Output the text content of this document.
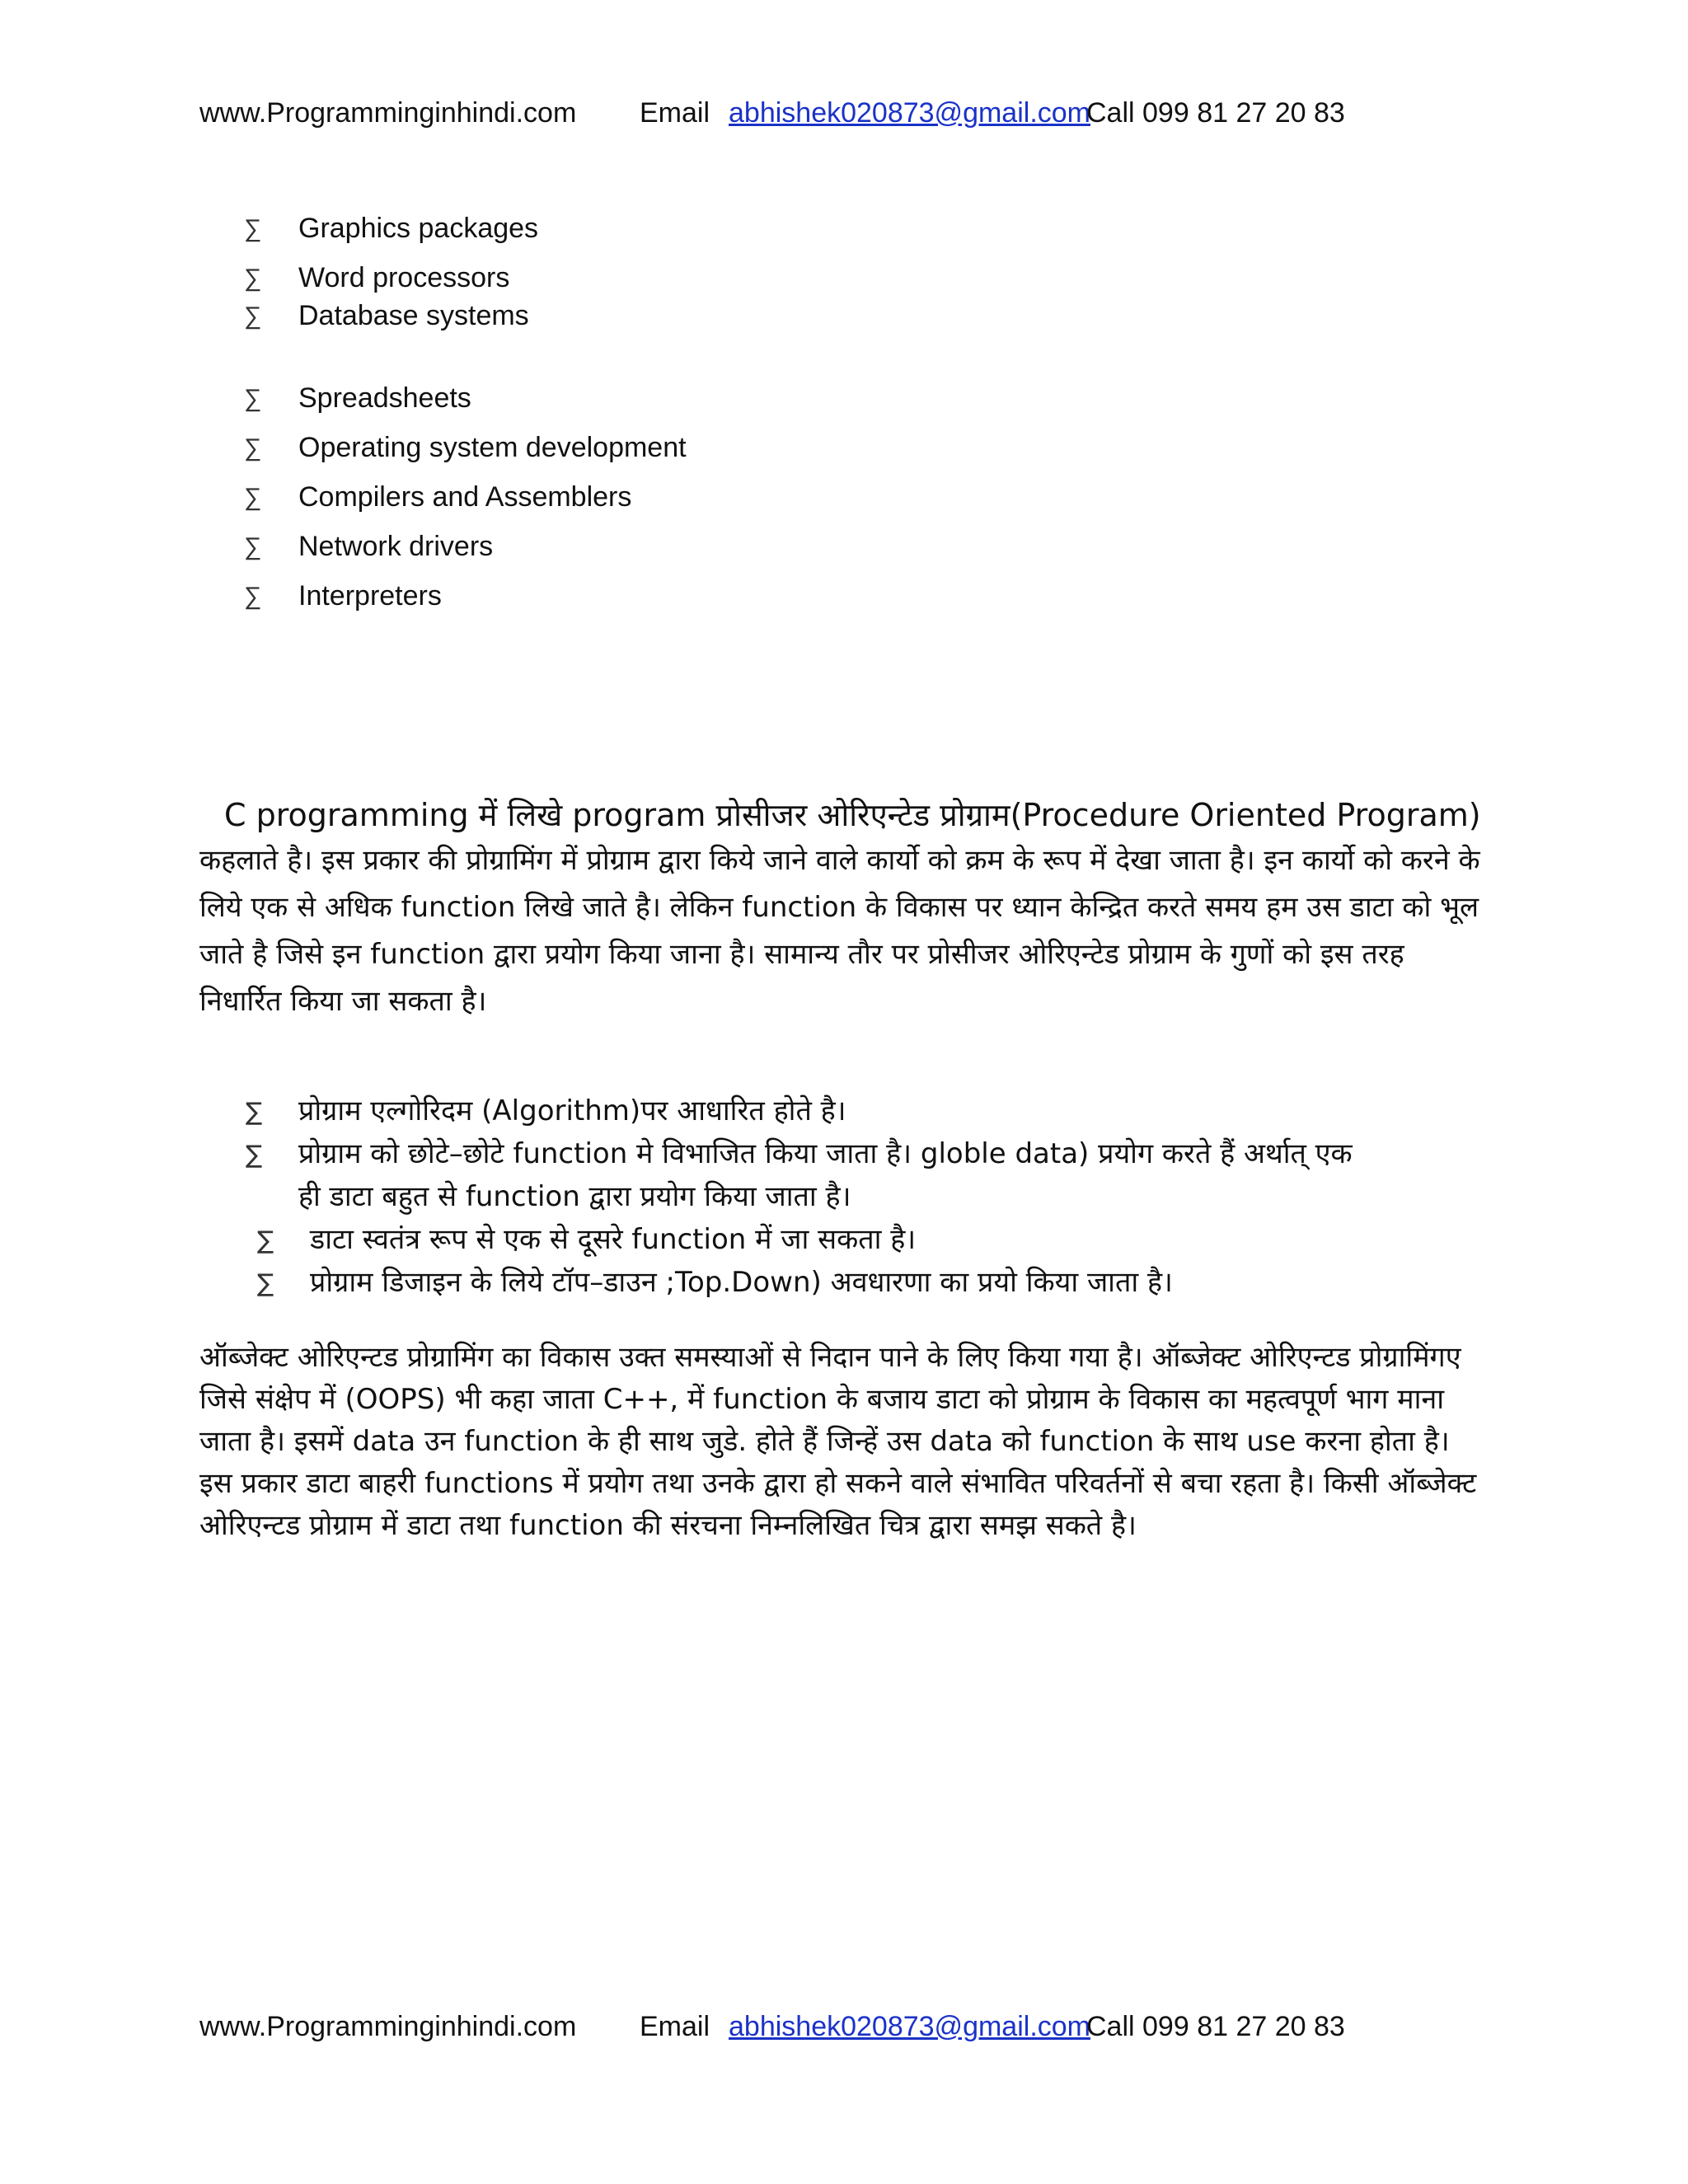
www.Programminginhindi.com Email abhishek020873@gmail.comCall 099 81 27 20 83
∑ Graphics packages
∑ Word processors
∑ Database systems
∑ Spreadsheets
∑ Operating system development
∑ Compilers and Assemblers
∑ Network drivers
∑ Interpreters
C programming में लिखे program प्रोसीजर ओरिएन्टेड प्रोग्राम(Procedure Oriented Program)
कहलाते है। इस प्रकार की प्रोग्रामिंग में प्रोग्राम द्वारा किये जाने वाले कार्यो को क्रम के रूप में देखा जाता है। इन कार्यो को करने के लिये एक से अधिक function लिखे जाते है। लेकिन function के विकास पर ध्यान केन्द्रित करते समय हम उस डाटा को भूल जाते है जिसे इन function द्वारा प्रयोग किया जाना है। सामान्य तौर पर प्रोसीजर ओरिएन्टेड प्रोग्राम के गुणों को इस तरह निधार्रित किया जा सकता है।
∑ प्रोग्राम एल्गोरिदम (Algorithm)पर आधारित होते है।
∑ प्रोग्राम को छोटे–छोटे function मे विभाजित किया जाता है। globle data) प्रयोग करते हैं अर्थात् एक
ही डाटा बहुत से function द्वारा प्रयोग किया जाता है।
∑ डाटा स्वतंत्र रूप से एक से दूसरे function में जा सकता है।
∑ प्रोग्राम डिजाइन के लिये टॉप–डाउन ;Top.Down) अवधारणा का प्रयो किया जाता है।
ऑब्जेक्ट ओरिएन्टड प्रोग्रामिंग का विकास उक्त समस्याओं से निदान पाने के लिए किया गया है। ऑब्जेक्ट ओरिएन्टड प्रोग्रामिंगए जिसे संक्षेप में (OOPS) भी कहा जाता C++, में function के बजाय डाटा को प्रोग्राम के विकास का महत्वपूर्ण भाग माना जाता है। इसमें data उन function के ही साथ जुडे. होते हैं जिन्हें उस data को function के साथ use करना होता है। इस प्रकार डाटा बाहरी functions में प्रयोग तथा उनके द्वारा हो सकने वाले संभावित परिवर्तनों से बचा रहता है। किसी ऑब्जेक्ट ओरिएन्टड प्रोग्राम में डाटा तथा function की संरचना निम्नलिखित चित्र द्वारा समझ सकते है।
www.Programminginhindi.com Email abhishek020873@gmail.comCall 099 81 27 20 83
